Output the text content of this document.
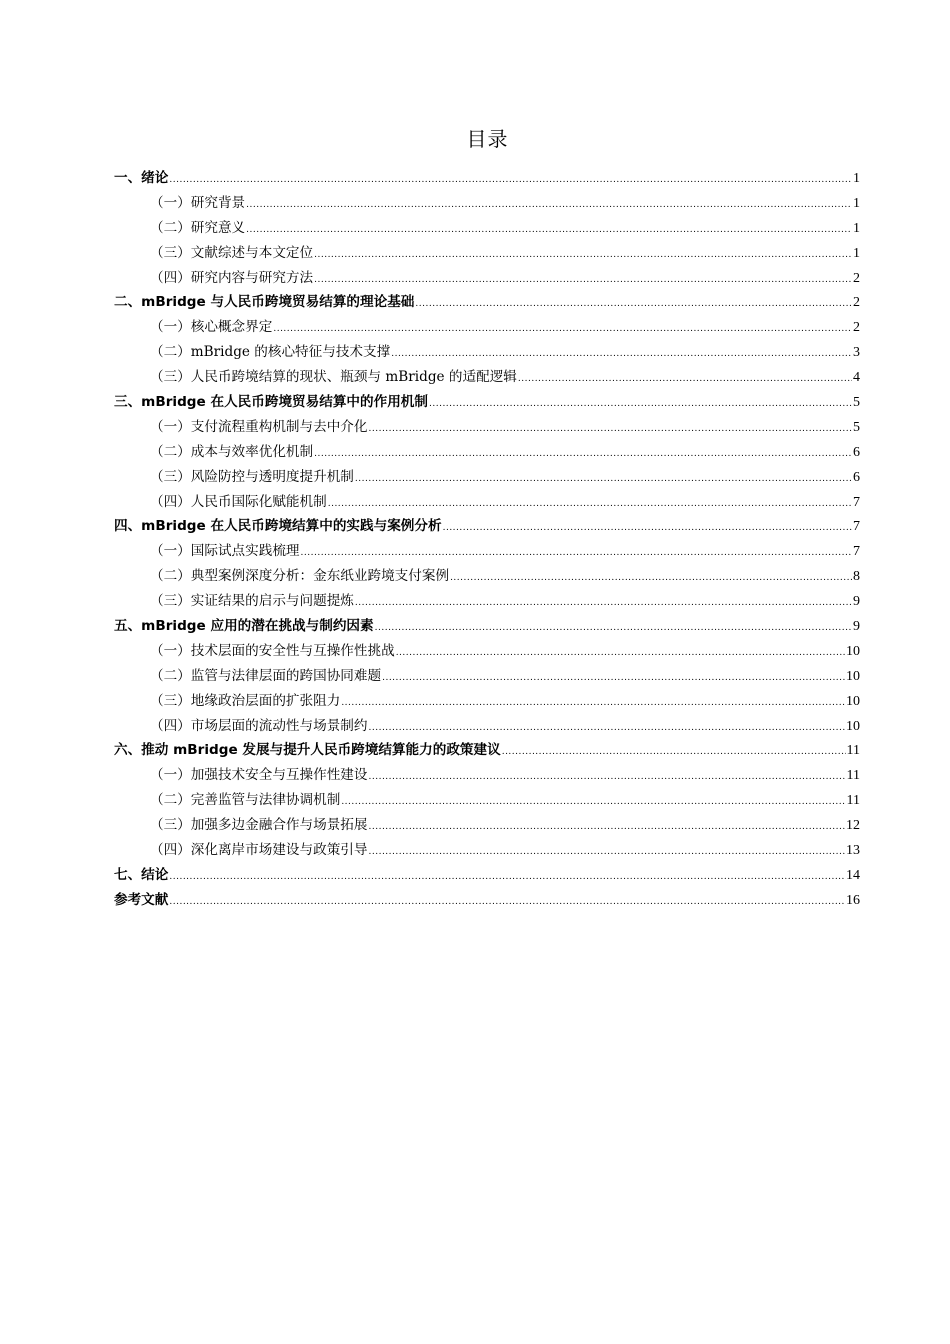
目录
一、绪论 .....	1
（一）研究背景 .....	1
（二）研究意义 .....	1
（三）文献综述与本文定位 .....	1
（四）研究内容与研究方法 .....	2
二、mBridge 与人民币跨境贸易结算的理论基础 .....	2
（一）核心概念界定 .....	2
（二）mBridge 的核心特征与技术支撑 .....	3
（三）人民币跨境结算的现状、瓶颈与 mBridge 的适配逻辑 .....	4
三、mBridge 在人民币跨境贸易结算中的作用机制 .....	5
（一）支付流程重构机制与去中介化 .....	5
（二）成本与效率优化机制 .....	6
（三）风险防控与透明度提升机制 .....	6
（四）人民币国际化赋能机制 .....	7
四、mBridge 在人民币跨境结算中的实践与案例分析 .....	7
（一）国际试点实践梳理 .....	7
（二）典型案例深度分析：金东纸业跨境支付案例 .....	8
（三）实证结果的启示与问题提炼 .....	9
五、mBridge 应用的潜在挑战与制约因素 .....	9
（一）技术层面的安全性与互操作性挑战 .....	10
（二）监管与法律层面的跨国协同难题 .....	10
（三）地缘政治层面的扩张阻力 .....	10
（四）市场层面的流动性与场景制约 .....	10
六、推动 mBridge 发展与提升人民币跨境结算能力的政策建议 .....	11
（一）加强技术安全与互操作性建设 .....	11
（二）完善监管与法律协调机制 .....	11
（三）加强多边金融合作与场景拓展 .....	12
（四）深化离岸市场建设与政策引导 .....	13
七、结论 .....	14
参考文献 .....	16
